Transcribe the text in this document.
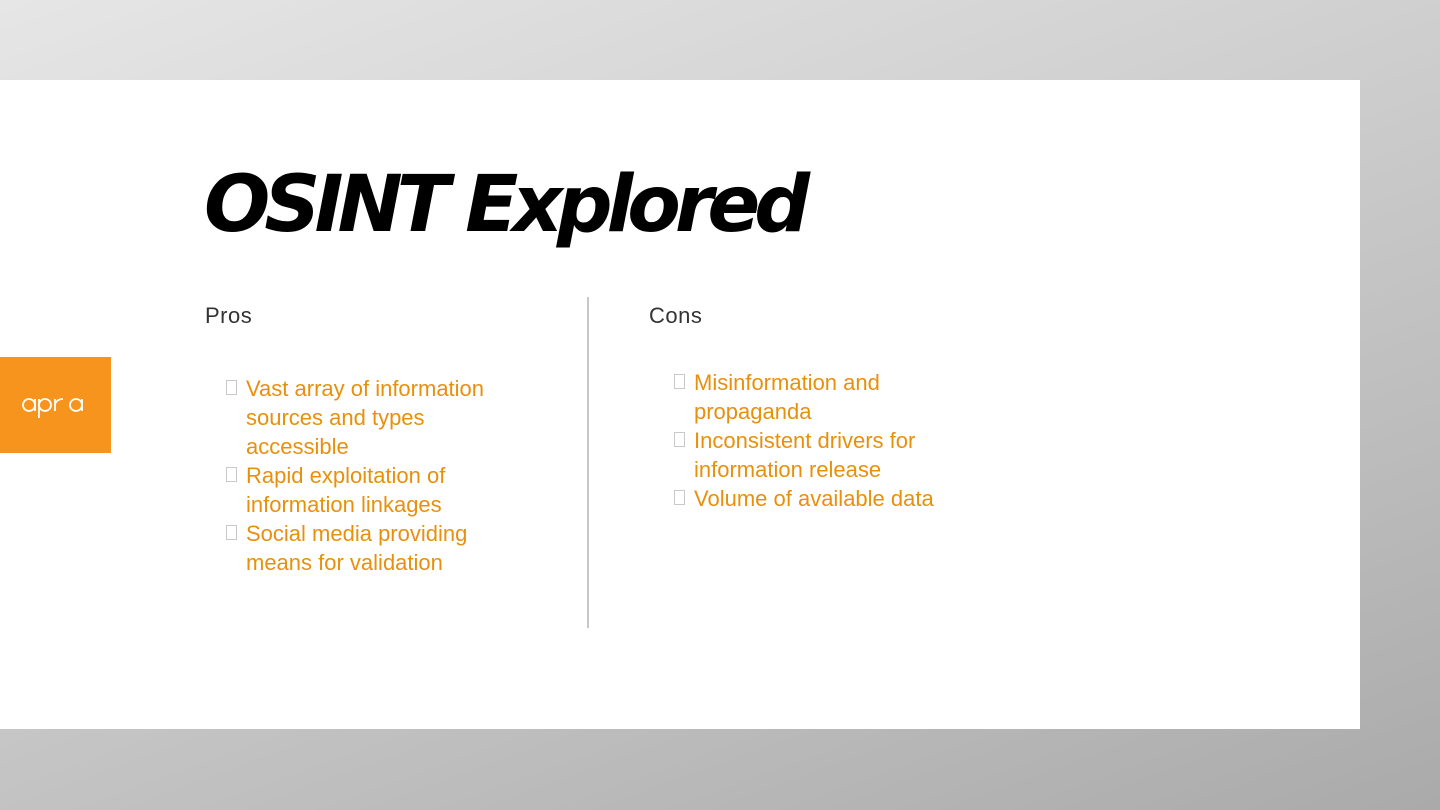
OSINT Explored
Pros	Cons
Vast array of information sources and types accessible
Rapid exploitation of information linkages
Social media providing means for validation
Misinformation and propaganda
Inconsistent drivers for information release
Volume of available data
